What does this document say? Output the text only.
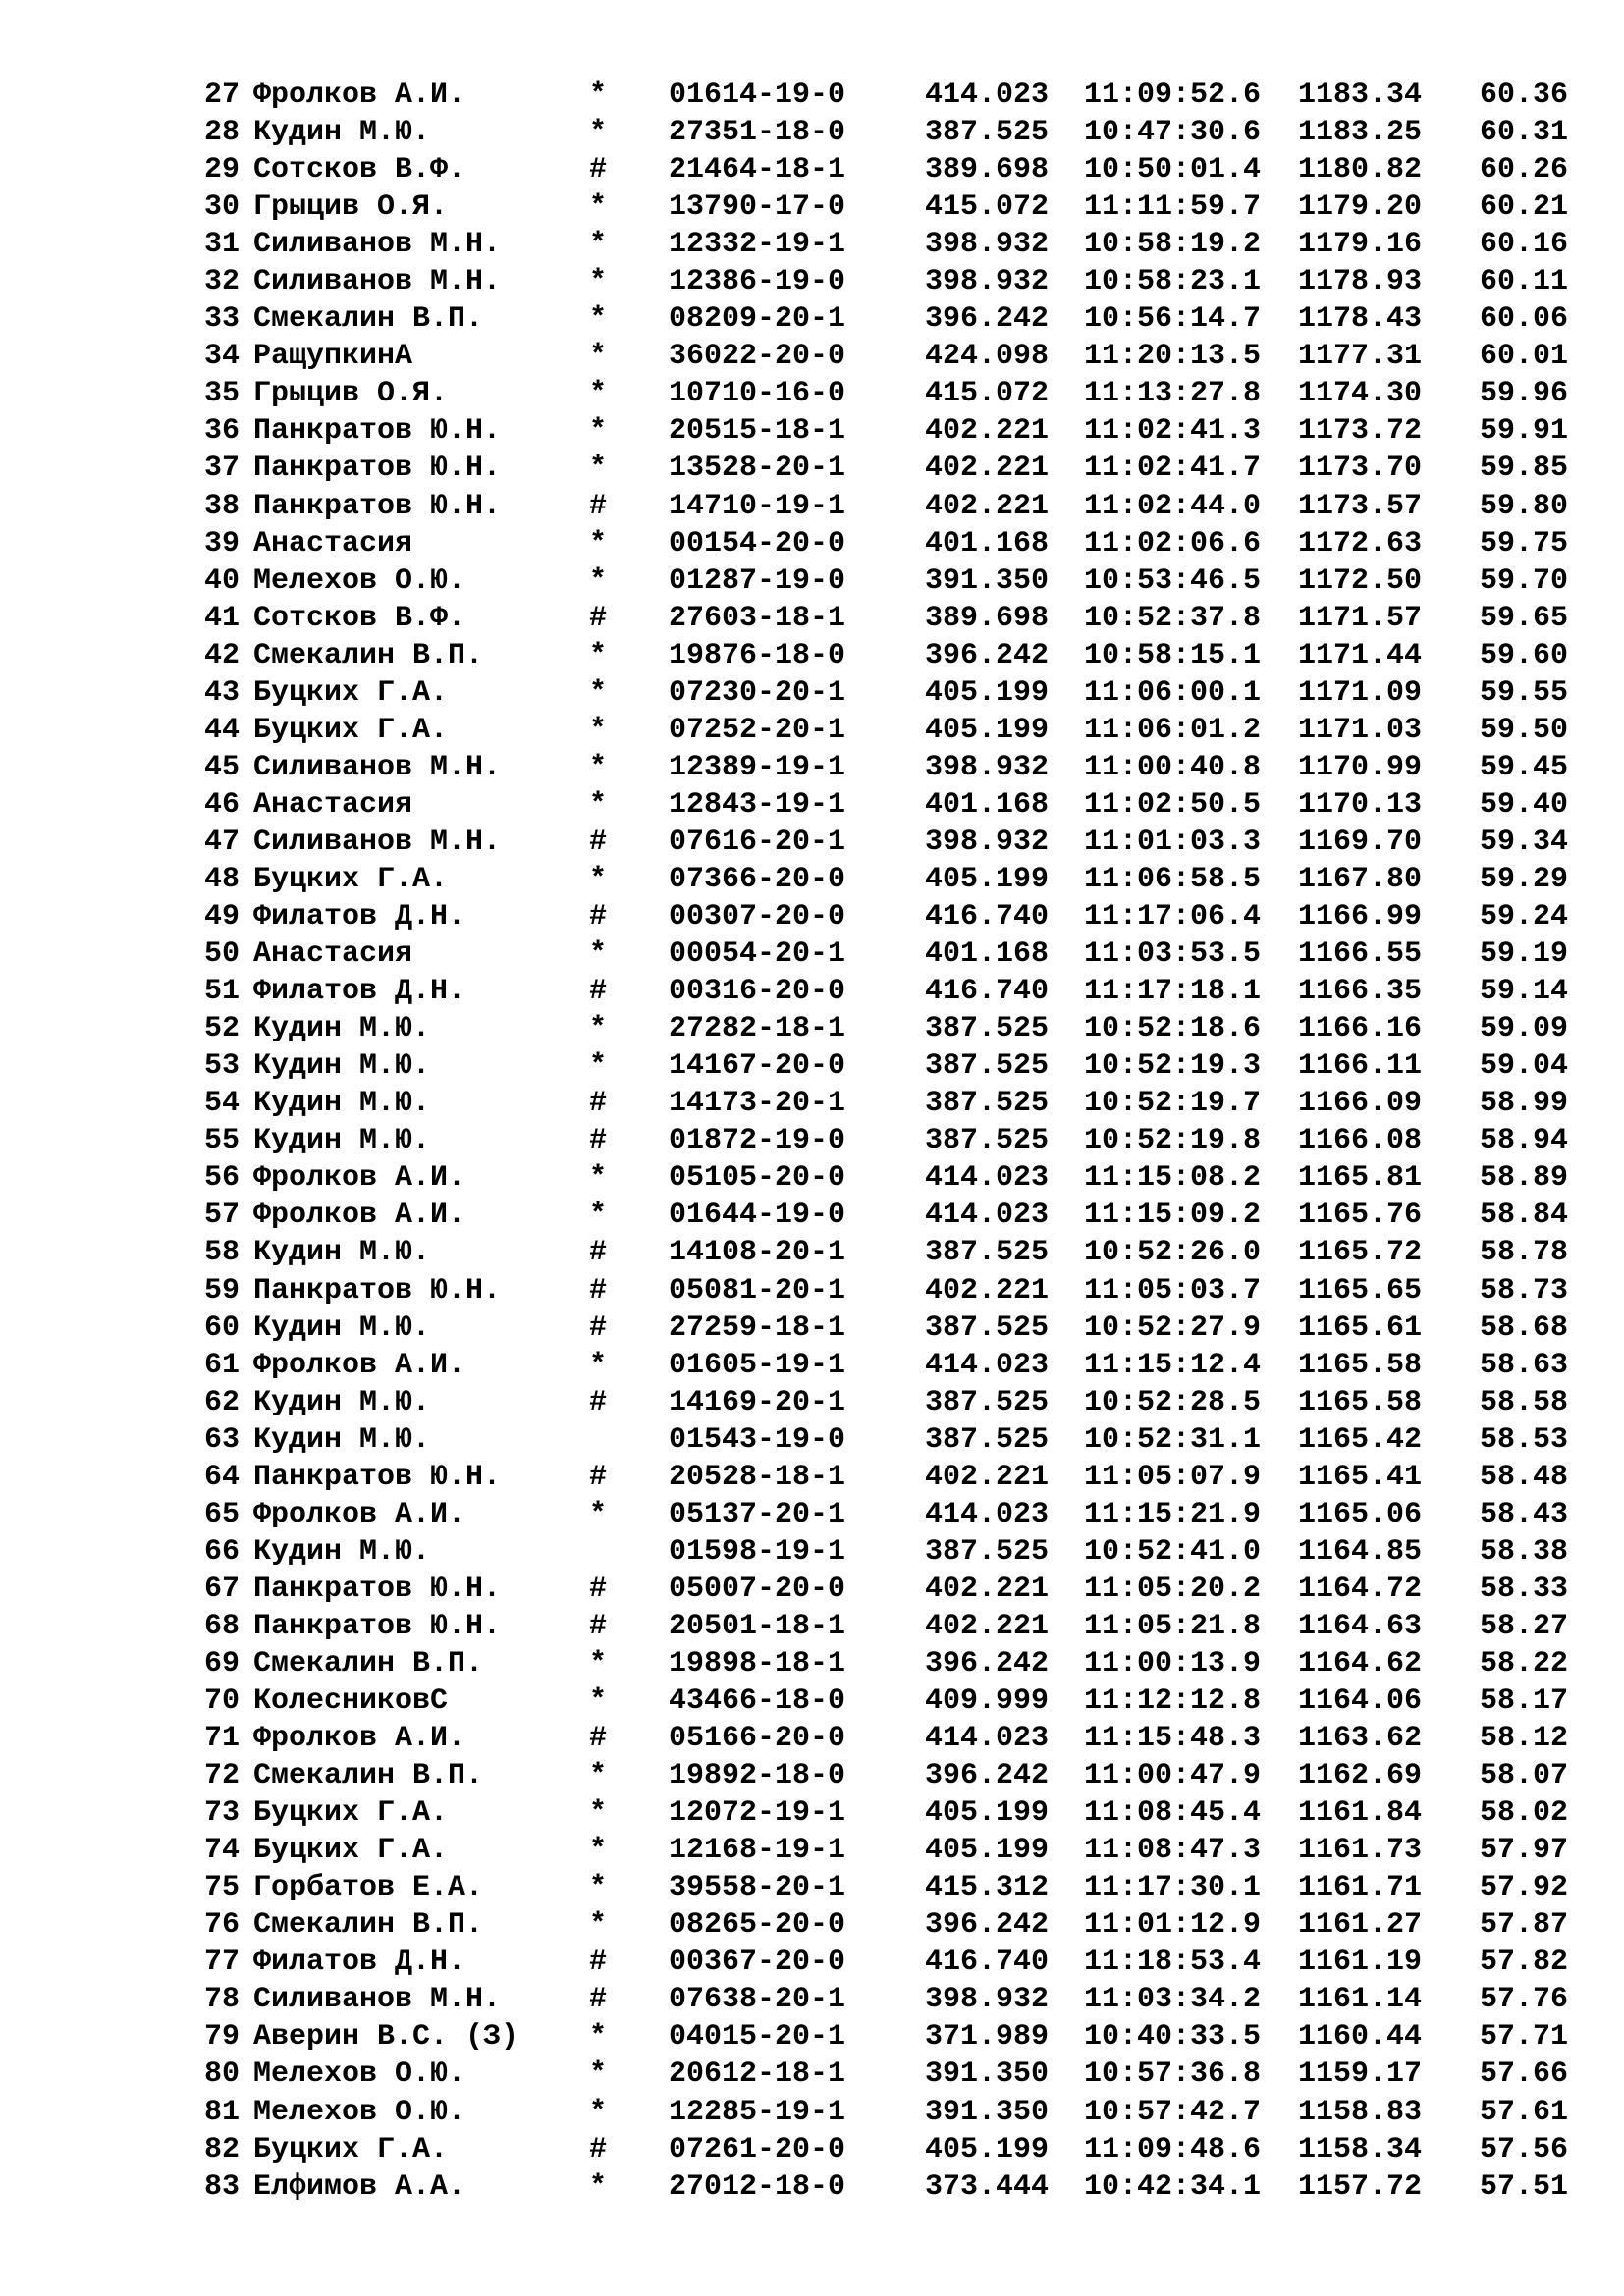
27 Фролков А.И.	* 01614-19-0	414.023 11:09:52.6 1183.34 60.36
28 Кудин М.Ю.	* 27351-18-0	387.525 10:47:30.6 1183.25 60.31
29 Сотсков В.Ф.	# 21464-18-1	389.698 10:50:01.4 1180.82 60.26
30 Грыцив О.Я.	* 13790-17-0	415.072 11:11:59.7 1179.20 60.21
31 Силиванов М.Н.	* 12332-19-1	398.932 10:58:19.2 1179.16 60.16
32 Силиванов М.Н.	* 12386-19-0	398.932 10:58:23.1 1178.93 60.11
33 Смекалин В.П.	* 08209-20-1	396.242 10:56:14.7 1178.43 60.06
34 РащупкинА	* 36022-20-0	424.098 11:20:13.5 1177.31 60.01
35 Грыцив О.Я.	* 10710-16-0	415.072 11:13:27.8 1174.30 59.96
36 Панкратов Ю.Н.	* 20515-18-1	402.221 11:02:41.3 1173.72 59.91
37 Панкратов Ю.Н.	* 13528-20-1	402.221 11:02:41.7 1173.70 59.85
38 Панкратов Ю.Н.	# 14710-19-1	402.221 11:02:44.0 1173.57 59.80
39 Анастасия	* 00154-20-0	401.168 11:02:06.6 1172.63 59.75
40 Мелехов О.Ю.	* 01287-19-0	391.350 10:53:46.5 1172.50 59.70
41 Сотсков В.Ф.	# 27603-18-1	389.698 10:52:37.8 1171.57 59.65
42 Смекалин В.П.	* 19876-18-0	396.242 10:58:15.1 1171.44 59.60
43 Буцких Г.А.	* 07230-20-1	405.199 11:06:00.1 1171.09 59.55
44 Буцких Г.А.	* 07252-20-1	405.199 11:06:01.2 1171.03 59.50
45 Силиванов М.Н.	* 12389-19-1	398.932 11:00:40.8 1170.99 59.45
46 Анастасия	* 12843-19-1	401.168 11:02:50.5 1170.13 59.40
47 Силиванов М.Н.	# 07616-20-1	398.932 11:01:03.3 1169.70 59.34
48 Буцких Г.А.	* 07366-20-0	405.199 11:06:58.5 1167.80 59.29
49 Филатов Д.Н.	# 00307-20-0	416.740 11:17:06.4 1166.99 59.24
50 Анастасия	* 00054-20-1	401.168 11:03:53.5 1166.55 59.19
51 Филатов Д.Н.	# 00316-20-0	416.740 11:17:18.1 1166.35 59.14
52 Кудин М.Ю.	* 27282-18-1	387.525 10:52:18.6 1166.16 59.09
53 Кудин М.Ю.	* 14167-20-0	387.525 10:52:19.3 1166.11 59.04
54 Кудин М.Ю.	# 14173-20-1	387.525 10:52:19.7 1166.09 58.99
55 Кудин М.Ю.	# 01872-19-0	387.525 10:52:19.8 1166.08 58.94
56 Фролков А.И.	* 05105-20-0	414.023 11:15:08.2 1165.81 58.89
57 Фролков А.И.	* 01644-19-0	414.023 11:15:09.2 1165.76 58.84
58 Кудин М.Ю.	# 14108-20-1	387.525 10:52:26.0 1165.72 58.78
59 Панкратов Ю.Н.	# 05081-20-1	402.221 11:05:03.7 1165.65 58.73
60 Кудин М.Ю.	# 27259-18-1	387.525 10:52:27.9 1165.61 58.68
61 Фролков А.И.	* 01605-19-1	414.023 11:15:12.4 1165.58 58.63
62 Кудин М.Ю.	# 14169-20-1	387.525 10:52:28.5 1165.58 58.58
63 Кудин М.Ю.	01543-19-0	387.525 10:52:31.1 1165.42 58.53
64 Панкратов Ю.Н.	# 20528-18-1	402.221 11:05:07.9 1165.41 58.48
65 Фролков А.И.	* 05137-20-1	414.023 11:15:21.9 1165.06 58.43
66 Кудин М.Ю.	01598-19-1	387.525 10:52:41.0 1164.85 58.38
67 Панкратов Ю.Н.	# 05007-20-0	402.221 11:05:20.2 1164.72 58.33
68 Панкратов Ю.Н.	# 20501-18-1	402.221 11:05:21.8 1164.63 58.27
69 Смекалин В.П.	* 19898-18-1	396.242 11:00:13.9 1164.62 58.22
70 КолесниковС	* 43466-18-0	409.999 11:12:12.8 1164.06 58.17
71 Фролков А.И.	# 05166-20-0	414.023 11:15:48.3 1163.62 58.12
72 Смекалин В.П.	* 19892-18-0	396.242 11:00:47.9 1162.69 58.07
73 Буцких Г.А.	* 12072-19-1	405.199 11:08:45.4 1161.84 58.02
74 Буцких Г.А.	* 12168-19-1	405.199 11:08:47.3 1161.73 57.97
75 Горбатов Е.А.	* 39558-20-1	415.312 11:17:30.1 1161.71 57.92
76 Смекалин В.П.	* 08265-20-0	396.242 11:01:12.9 1161.27 57.87
77 Филатов Д.Н.	# 00367-20-0	416.740 11:18:53.4 1161.19 57.82
78 Силиванов М.Н.	# 07638-20-1	398.932 11:03:34.2 1161.14 57.76
79 Аверин В.С. (З) * 04015-20-1	371.989 10:40:33.5 1160.44 57.71
80 Мелехов О.Ю.	* 20612-18-1	391.350 10:57:36.8 1159.17 57.66
81 Мелехов О.Ю.	* 12285-19-1	391.350 10:57:42.7 1158.83 57.61
82 Буцких Г.А.	# 07261-20-0	405.199 11:09:48.6 1158.34 57.56
83 Елфимов А.А.	* 27012-18-0	373.444 10:42:34.1 1157.72 57.51
